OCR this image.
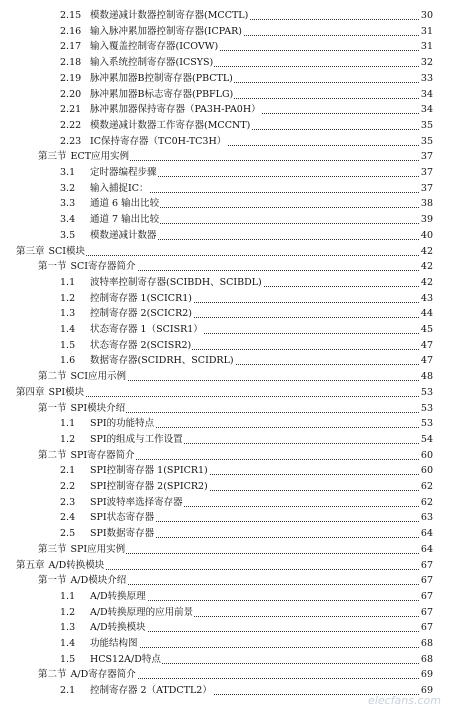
2.15 模数递减计数器控制寄存器(MCCTL)	30
2.16 输入脉冲累加器控制寄存器(ICPAR)	31
2.17 输入覆盖控制寄存器(ICOVW)	31
2.18 输入系统控制寄存器(ICSYS)	32
2.19 脉冲累加器B控制寄存器(PBCTL)	33
2.20 脉冲累加器B标志寄存器(PBFLG)	34
2.21 脉冲累加器保持寄存器（PA3H-PA0H）	34
2.22 模数递减计数器工作寄存器(MCCNT)	35
2.23 IC保持寄存器（TC0H-TC3H）	35
第三节 ECT应用实例	37
3.1 定时器编程步骤	37
3.2 输入捕捉IC：	37
3.3 通道 6 输出比较	38
3.4 通道 7 输出比较	39
3.5 模数递减计数器	40
第三章 SCI模块	42
第一节 SCI寄存器简介	42
1.1 波特率控制寄存器(SCIBDH、SCIBDL)	42
1.2 控制寄存器 1(SCICR1)	43
1.3 控制寄存器 2(SCICR2)	44
1.4 状态寄存器 1（SCISR1）	45
1.5 状态寄存器 2(SCISR2)	47
1.6 数据寄存器(SCIDRH、SCIDRL)	47
第二节 SCI应用示例	48
第四章 SPI模块	53
第一节 SPI模块介绍	53
1.1 SPI的功能特点	53
1.2 SPI的组成与工作设置	54
第二节 SPI寄存器简介	60
2.1 SPI控制寄存器 1(SPICR1)	60
2.2 SPI控制寄存器 2(SPICR2)	62
2.3 SPI波特率选择寄存器	62
2.4 SPI状态寄存器	63
2.5 SPI数据寄存器	64
第三节 SPI应用实例	64
第五章 A/D转换模块	67
第一节 A/D模块介绍	67
1.1 A/D转换原理	67
1.2 A/D转换原理的应用前景	67
1.3 A/D转换模块	67
1.4 功能结构图	68
1.5 HCS12A/D特点	68
第二节 A/D寄存器简介	69
2.1 控制寄存器 2（ATDCTL2）	69
elecfans.com
